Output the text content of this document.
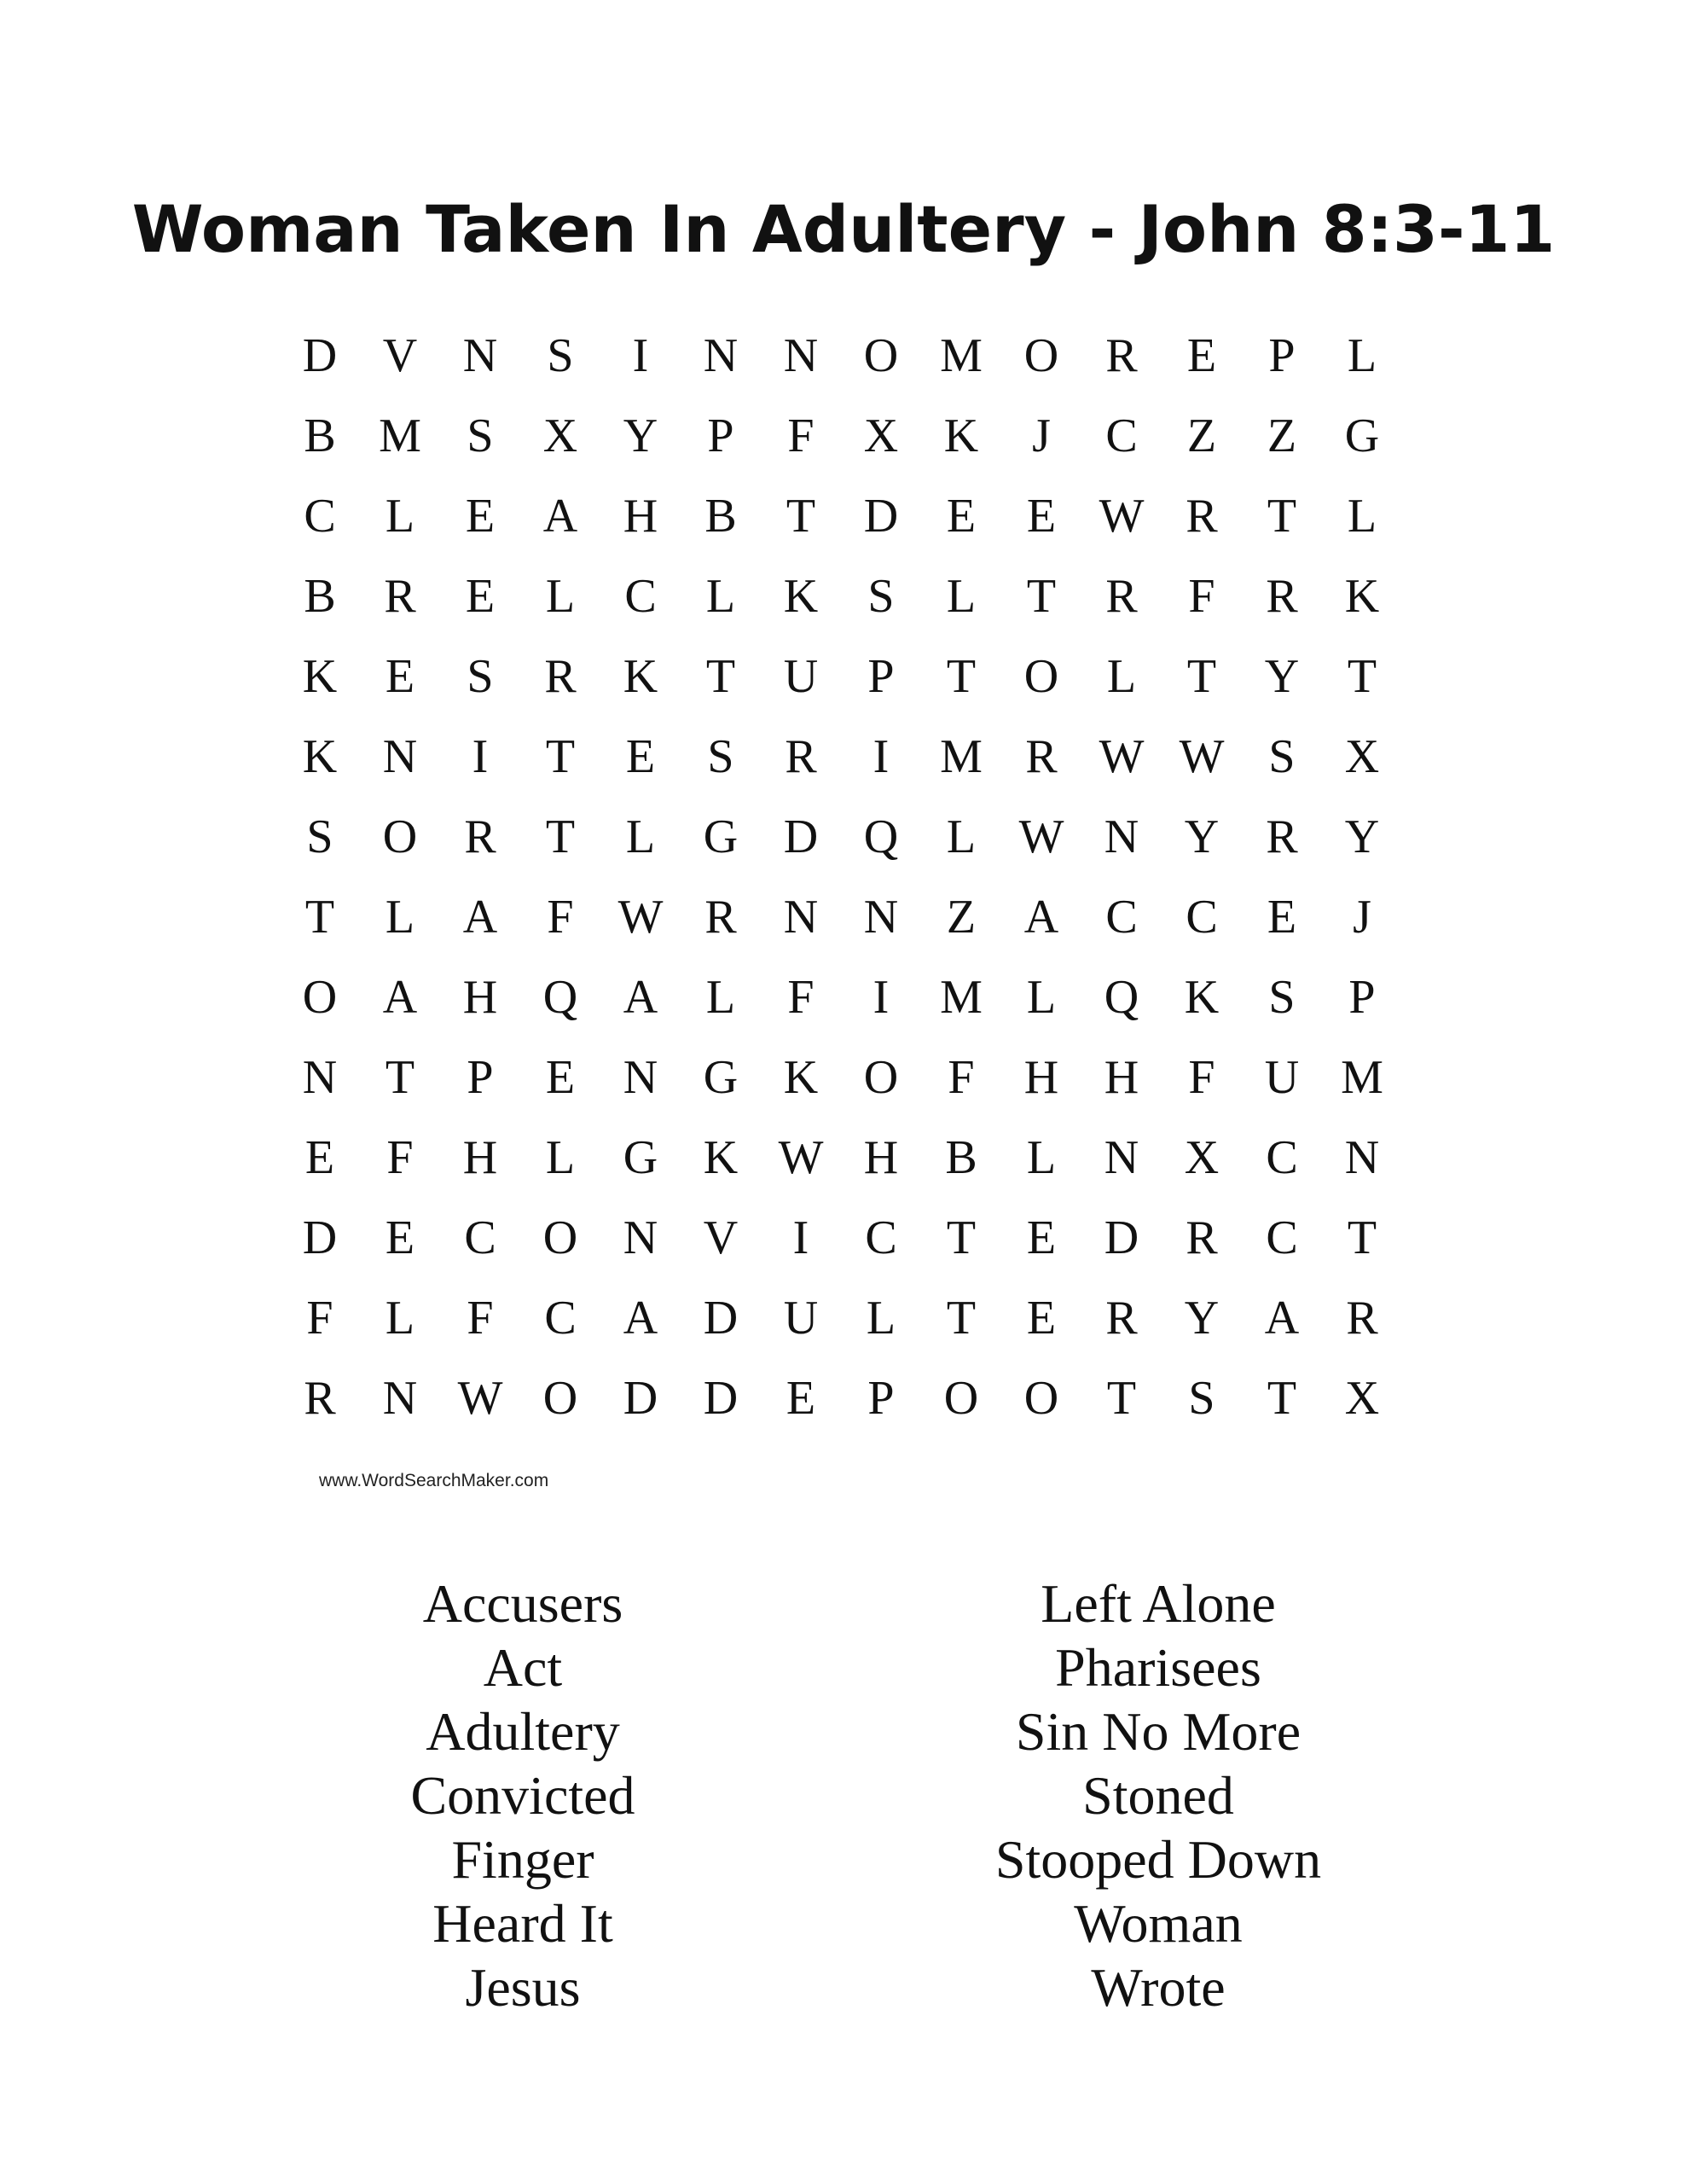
Woman Taken In Adultery - John 8:3-11
D V N	S	I	N N O M O R	E	P	L
B M S	X Y	P	F	X K	J	C	Z	Z	G
C	L	E	A H B	T	D	E	E W R	T	L
B	R	E	L	C	L	K	S	L	T	R	F	R K
K	E	S	R K	T	U	P	T	O	L	T	Y	T
K N	I	T	E	S	R	I	M R W W S	X
S	O R	T	L	G D Q	L W N Y R Y
T	L	A	F W R N N	Z	A C	C	E	J
O A H Q A	L	F	I	M L	Q K	S	P
N	T	P	E	N G K O	F	H H	F	U M
E	F	H	L	G K W H B	L	N X C N
D	E	C O N V	I	C	T	E	D R	C	T
F	L	F	C A D U	L	T	E	R Y A R
R N W O D D	E	P	O O	T	S	T	X
www.WordSearchMaker.com
Accusers
Act
Adultery
Convicted
Finger
Heard It
Jesus
Left Alone
Pharisees
Sin No More
Stoned
Stooped Down
Woman
Wrote
